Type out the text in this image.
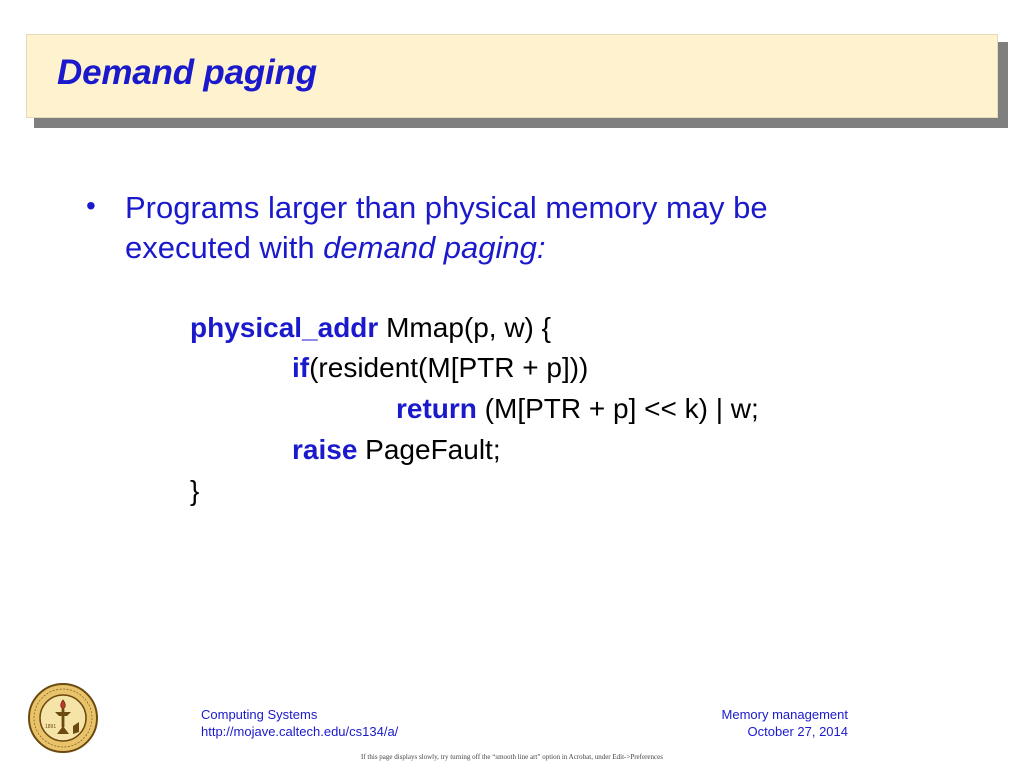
Demand paging
• Programs larger than physical memory may be executed with demand paging:
physical_addr Mmap(p, w) {
if(resident(M[PTR + p]))
return (M[PTR + p] << k) | w;
raise PageFault;
}
1891
Computing Systems
http://mojave.caltech.edu/cs134/a/
Memory management
October 27, 2014
If this page displays slowly, try turning off the “smooth line art” option in Acrobat, under Edit->Preferences
